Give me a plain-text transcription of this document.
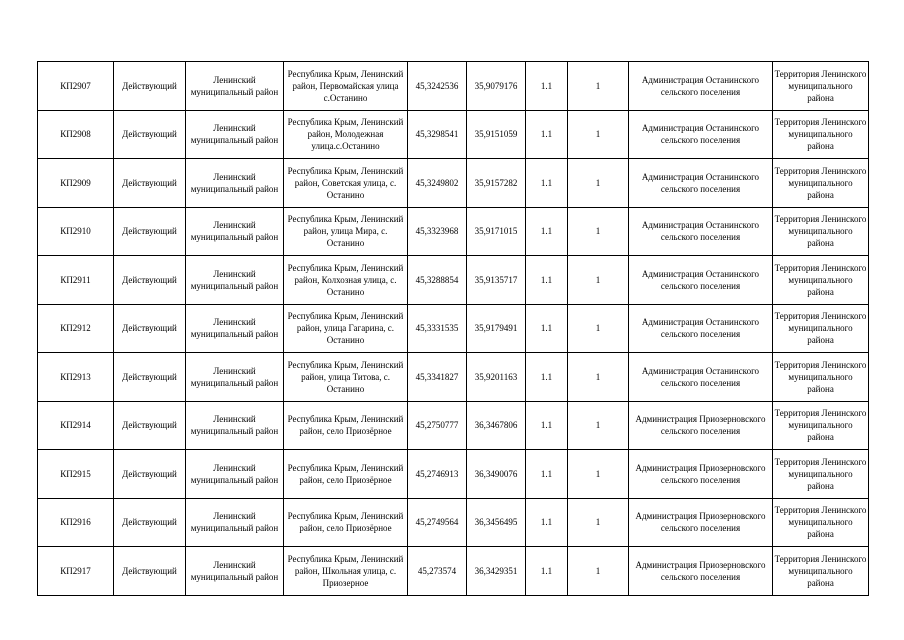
КП2907	Действующий	Ленинский муниципальный район	Республика Крым, Ленинский район, Первомайская улица с.Останино	45,3242536	35,9079176	1.1	1	Администрация Останинского сельского поселения	Территория Ленинского муниципального района
КП2908	Действующий	Ленинский муниципальный район	Республика Крым, Ленинский район, Молодежная улица.с.Останино	45,3298541	35,9151059	1.1	1	Администрация Останинского сельского поселения	Территория Ленинского муниципального района
КП2909	Действующий	Ленинский муниципальный район	Республика Крым, Ленинский район, Советская улица, с. Останино	45,3249802	35,9157282	1.1	1	Администрация Останинского сельского поселения	Территория Ленинского муниципального района
КП2910	Действующий	Ленинский муниципальный район	Республика Крым, Ленинский район, улица Мира, с. Останино	45,3323968	35,9171015	1.1	1	Администрация Останинского сельского поселения	Территория Ленинского муниципального района
КП2911	Действующий	Ленинский муниципальный район	Республика Крым, Ленинский район, Колхозная улица, с. Останино	45,3288854	35,9135717	1.1	1	Администрация Останинского сельского поселения	Территория Ленинского муниципального района
КП2912	Действующий	Ленинский муниципальный район	Республика Крым, Ленинский район, улица Гагарина, с. Останино	45,3331535	35,9179491	1.1	1	Администрация Останинского сельского поселения	Территория Ленинского муниципального района
КП2913	Действующий	Ленинский муниципальный район	Республика Крым, Ленинский район, улица Титова, с. Останино	45,3341827	35,9201163	1.1	1	Администрация Останинского сельского поселения	Территория Ленинского муниципального района
КП2914	Действующий	Ленинский муниципальный район	Республика Крым, Ленинский район, село Приозёрное	45,2750777	36,3467806	1.1	1	Администрация Приозерновского сельского поселения	Территория Ленинского муниципального района
КП2915	Действующий	Ленинский муниципальный район	Республика Крым, Ленинский район, село Приозёрное	45,2746913	36,3490076	1.1	1	Администрация Приозерновского сельского поселения	Территория Ленинского муниципального района
КП2916	Действующий	Ленинский муниципальный район	Республика Крым, Ленинский район, село Приозёрное	45,2749564	36,3456495	1.1	1	Администрация Приозерновского сельского поселения	Территория Ленинского муниципального района
КП2917	Действующий	Ленинский муниципальный район	Республика Крым, Ленинский район, Школьная улица, с. Приозерное	45,273574	36,3429351	1.1	1	Администрация Приозерновского сельского поселения	Территория Ленинского муниципального района
